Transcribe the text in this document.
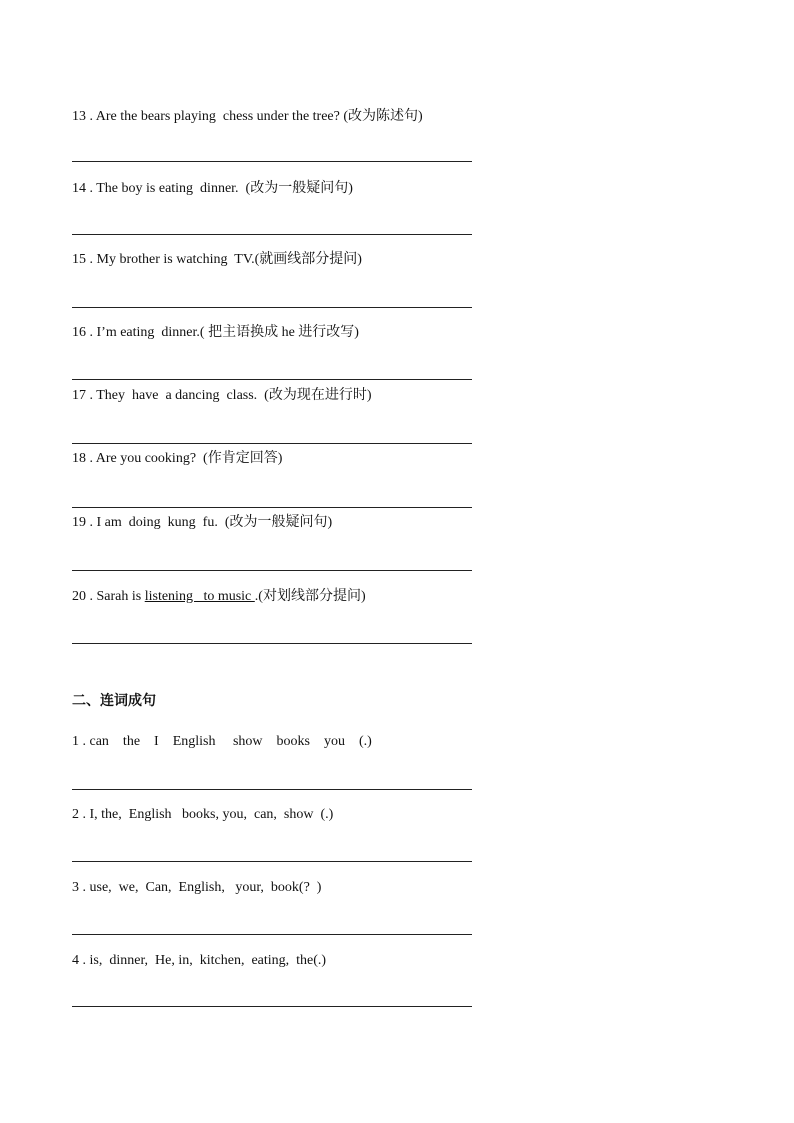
13 . Are the bears playing  chess under the tree? (改为陈述句)
14 . The boy is eating  dinner.  (改为一般疑问句)
15 . My brother is watching  TV.(就画线部分提问)
16 . I’m eating  dinner.( 把主语换成 he 进行改写)
17 . They  have  a dancing  class.  (改为现在进行时)
18 . Are you cooking?  (作肯定回答)
19 . I am  doing  kung  fu.  (改为一般疑问句)
20 . Sarah is listening   to music .(对划线部分提问)
二、连词成句
1 . can    the    I    English     show    books    you    (.)
2 . I, the,  English   books, you,  can,  show  (.)
3 . use,  we,  Can,  English,   your,  book(?  )
4 . is,  dinner,  He, in,  kitchen,  eating,  the(.)
